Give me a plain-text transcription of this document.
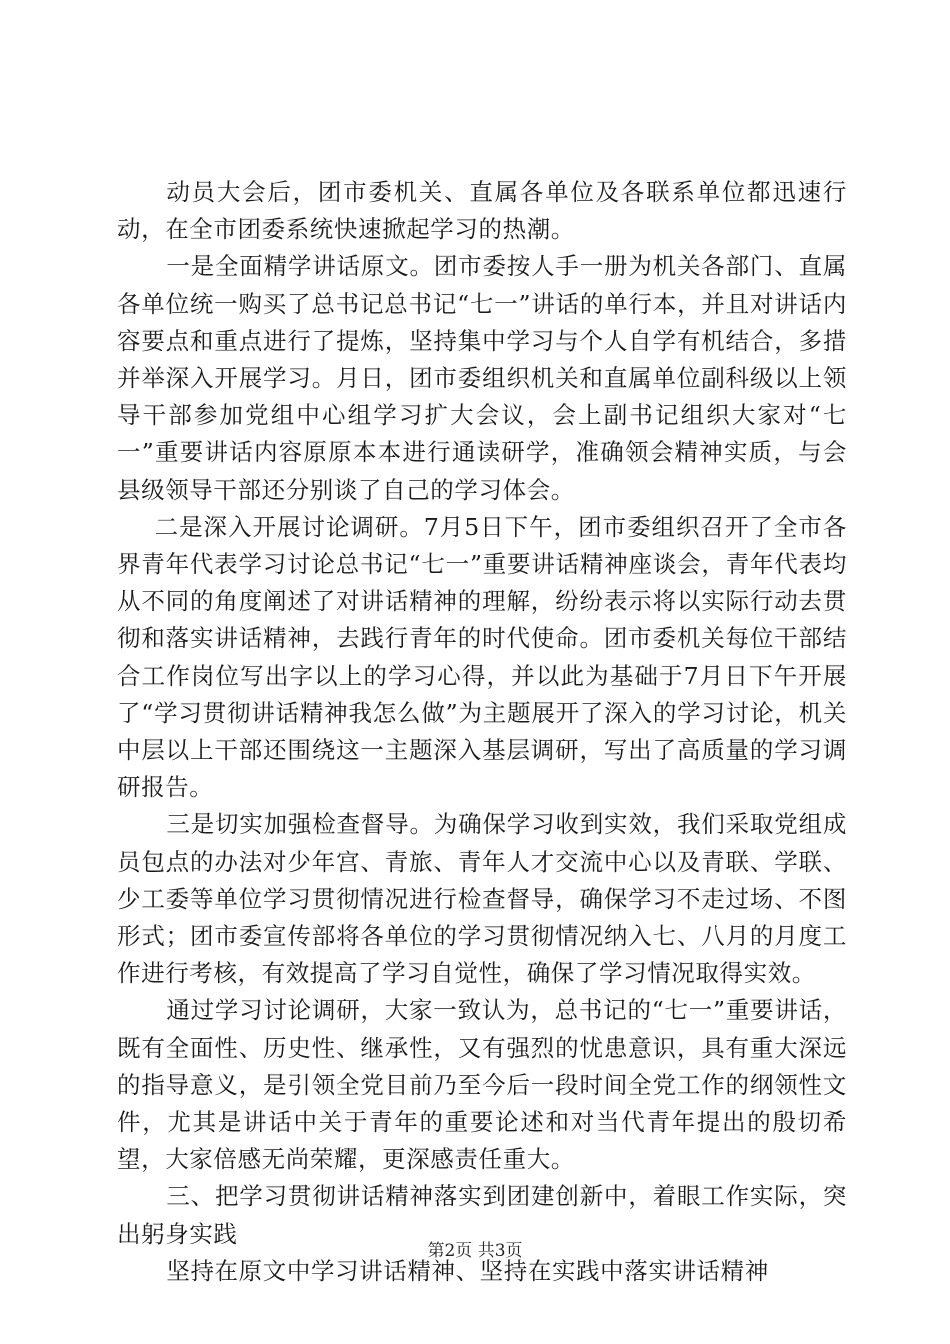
动员大会后，团市委机关、直属各单位及各联系单位都迅速行动，在全市团委系统快速掀起学习的热潮。

一是全面精学讲话原文。团市委按人手一册为机关各部门、直属各单位统一购买了总书记总书记“七一”讲话的单行本，并且对讲话内容要点和重点进行了提炼，坚持集中学习与个人自学有机结合，多措并举深入开展学习。月日，团市委组织机关和直属单位副科级以上领导干部参加党组中心组学习扩大会议，会上副书记组织大家对“七一”重要讲话内容原原本本进行通读研学，准确领会精神实质，与会县级领导干部还分别谈了自己的学习体会。

二是深入开展讨论调研。7月5日下午，团市委组织召开了全市各界青年代表学习讨论总书记“七一”重要讲话精神座谈会，青年代表均从不同的角度阐述了对讲话精神的理解，纷纷表示将以实际行动去贯彻和落实讲话精神，去践行青年的时代使命。团市委机关每位干部结合工作岗位写出字以上的学习心得，并以此为基础于7月日下午开展了“学习贯彻讲话精神我怎么做”为主题展开了深入的学习讨论，机关中层以上干部还围绕这一主题深入基层调研，写出了高质量的学习调研报告。

三是切实加强检查督导。为确保学习收到实效，我们采取党组成员包点的办法对少年宫、青旅、青年人才交流中心以及青联、学联、少工委等单位学习贯彻情况进行检查督导，确保学习不走过场、不图形式；团市委宣传部将各单位的学习贯彻情况纳入七、八月的月度工作进行考核，有效提高了学习自觉性，确保了学习情况取得实效。

通过学习讨论调研，大家一致认为，总书记的“七一”重要讲话，既有全面性、历史性、继承性，又有强烈的忧患意识，具有重大深远的指导意义，是引领全党目前乃至今后一段时间全党工作的纲领性文件，尤其是讲话中关于青年的重要论述和对当代青年提出的殷切希望，大家倍感无尚荣耀，更深感责任重大。

三、把学习贯彻讲话精神落实到团建创新中，着眼工作实际，突出躬身实践

坚持在原文中学习讲话精神、坚持在实践中落实讲话精神

第2页 共3页
